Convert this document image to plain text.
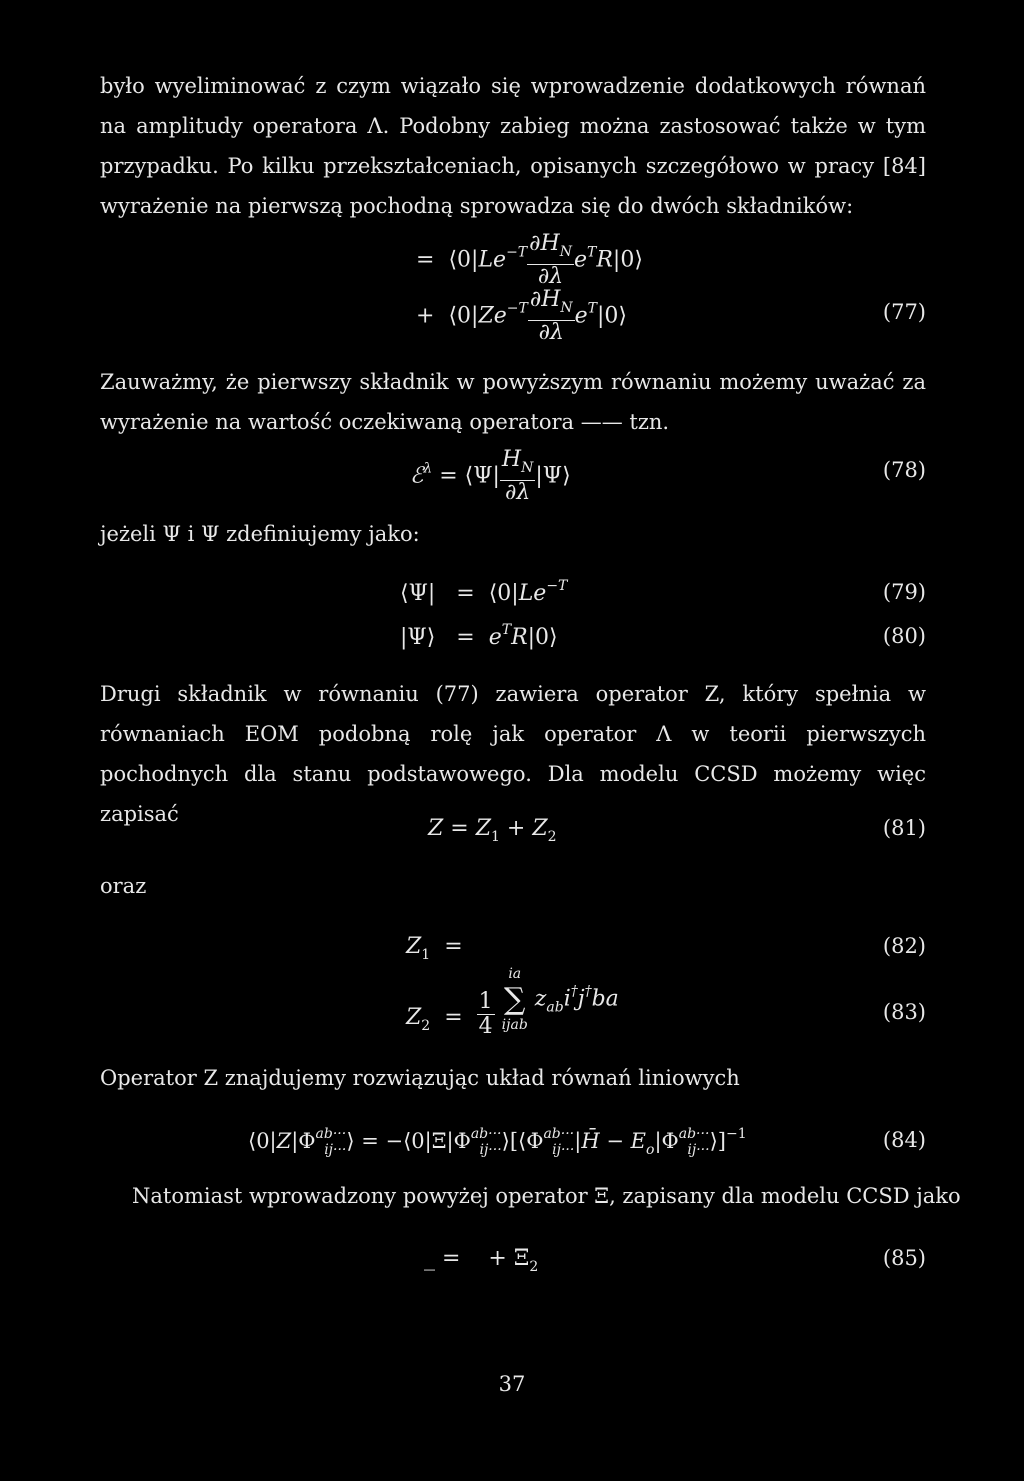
było wyeliminować z czym wiązało się wprowadzenie dodatkowych równań na amplitudy operatora Λ. Podobny zabieg można zastosować także w tym przypadku. Po kilku przekształceniach, opisanych szczegółowo w pracy [84] wyrażenie na pierwszą pochodną sprowadza się do dwóch składników:

= $⟨0|Le^{-T} \frac{\partial H_N}{\partial\lambda}$ $e^TR|0⟩$
+ $⟨0|Ze^{-T} \frac{\partial H_N}{\partial\lambda}$ $e^T|0⟩$	(77)

Zauważmy, że pierwszy składnik w powyższym równaniu możemy uważać za wyrażenie na wartość oczekiwaną operatora —— tzn.

ℰ$^\lambda$ = ⟨Ψ| $\frac{H_N}{\partial\lambda}$ |Ψ⟩	(78)
jeżeli Ψ i Ψ zdefiniujemy jako:
⟨Ψ|   =  $⟨0|Le^{-T}$	(79)
|Ψ⟩   =  $e^TR|0⟩$	(80)

Drugi składnik w równaniu (77) zawiera operator Z, który spełnia w równaniach EOM podobną rolę jak operator Λ w teorii pierwszych pochodnych dla stanu podstawowego. Dla modelu CCSD możemy więc zapisać

$Z = Z_1 + Z_2$	(81)
oraz
$Z_1$ =	(82)
$Z_2 = \frac{1}{4}$

ia
∑
ijab
$z_{ab}i^\dagger j^\dagger ba$
(83)
Operator Z znajdujemy rozwiązując układ równań liniowych
$⟨0|Z|\Phi^{ab\cdot\cdot\cdot}_{ij\cdot\cdot\cdot}⟩$ = $-⟨0|\Xi|\Phi^{ab\cdot\cdot\cdot}_{ij\cdot\cdot\cdot}⟩[⟨\Phi^{ab\cdot\cdot\cdot}_{ij\cdot\cdot\cdot}|H̄$ − $E_o|\Phi^{ab\cdot\cdot\cdot}_{ij\cdot\cdot\cdot}⟩]^{-1}$	(84)
Natomiast wprowadzony powyżej operator Ξ, zapisany dla modelu CCSD jako
_ =    + $\Xi_2$	(85)
37
